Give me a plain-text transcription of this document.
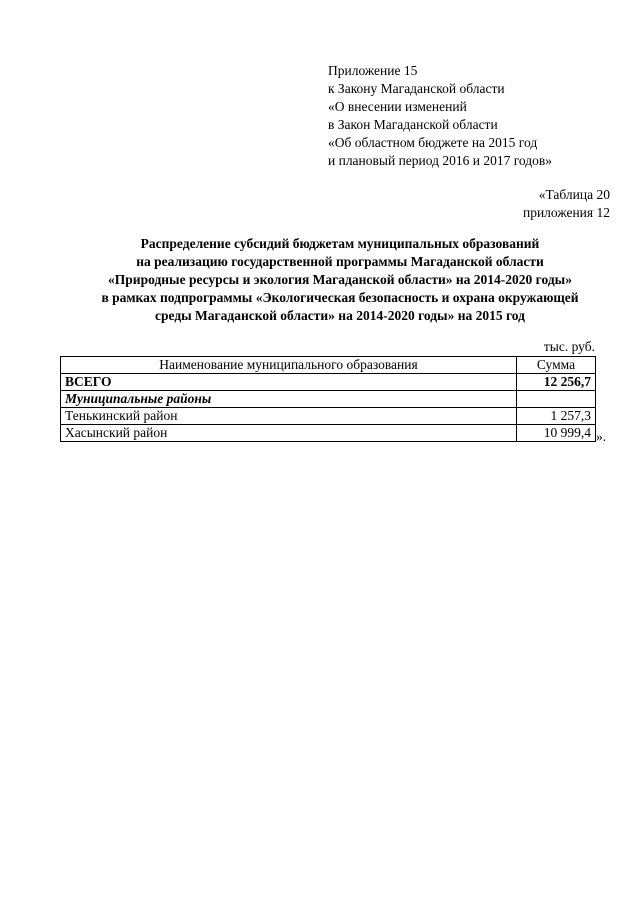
Приложение 15
к Закону Магаданской области
«О внесении изменений
в Закон Магаданской области
«Об областном бюджете на 2015 год
и плановый период 2016 и 2017 годов»
«Таблица 20
приложения 12
Распределение субсидий бюджетам муниципальных образований
на реализацию государственной программы Магаданской области
«Природные ресурсы и экология Магаданской области» на 2014-2020 годы»
в рамках подпрограммы «Экологическая безопасность и охрана окружающей
среды Магаданской области» на 2014-2020 годы» на 2015 год
тыс. руб.
Наименование муниципального образования	Сумма
ВСЕГО	12 256,7
Муниципальные районы	
Тенькинский район	1 257,3
Хасынский район	10 999,4 ».
